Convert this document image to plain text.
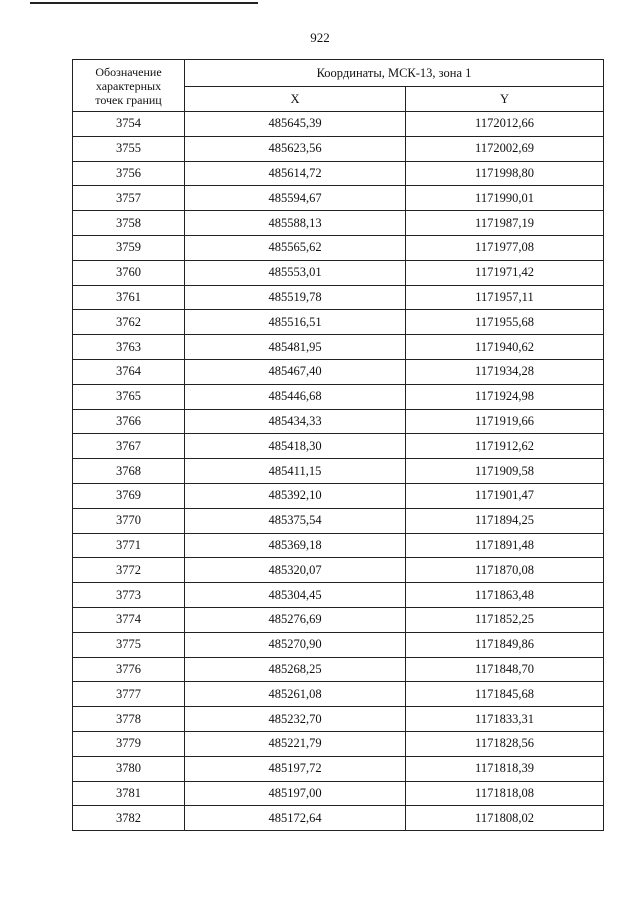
922
Обозначение
характерных
точек границ	Координаты, МСК-13, зона 1	
	X	Y
3754	485645,39	1172012,66
3755	485623,56	1172002,69
3756	485614,72	1171998,80
3757	485594,67	1171990,01
3758	485588,13	1171987,19
3759	485565,62	1171977,08
3760	485553,01	1171971,42
3761	485519,78	1171957,11
3762	485516,51	1171955,68
3763	485481,95	1171940,62
3764	485467,40	1171934,28
3765	485446,68	1171924,98
3766	485434,33	1171919,66
3767	485418,30	1171912,62
3768	485411,15	1171909,58
3769	485392,10	1171901,47
3770	485375,54	1171894,25
3771	485369,18	1171891,48
3772	485320,07	1171870,08
3773	485304,45	1171863,48
3774	485276,69	1171852,25
3775	485270,90	1171849,86
3776	485268,25	1171848,70
3777	485261,08	1171845,68
3778	485232,70	1171833,31
3779	485221,79	1171828,56
3780	485197,72	1171818,39
3781	485197,00	1171818,08
3782	485172,64	1171808,02
